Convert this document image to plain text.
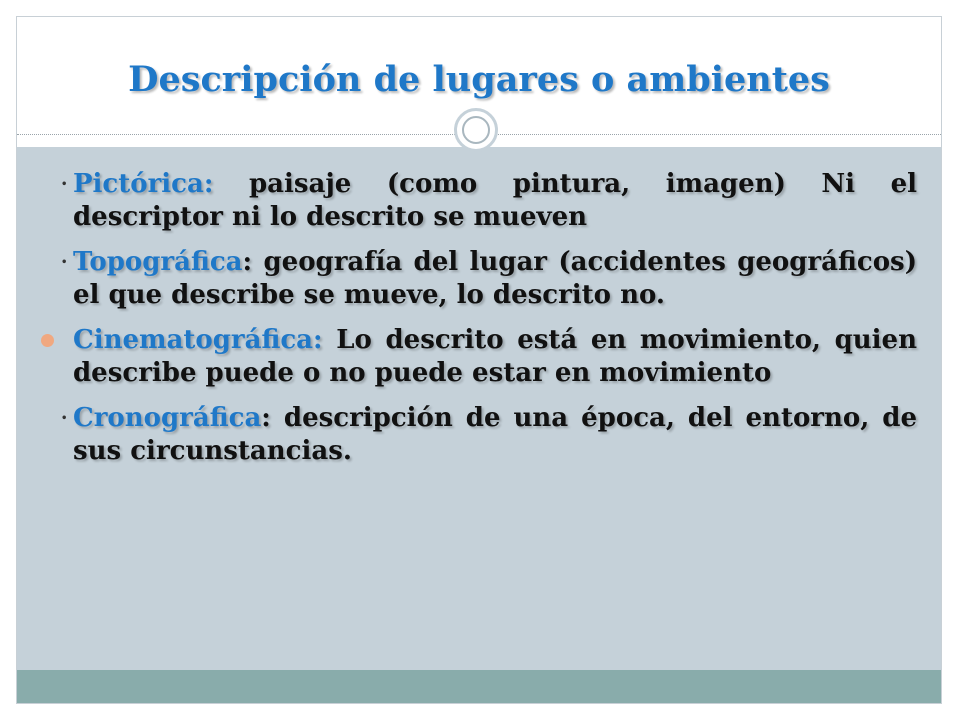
Descripción de lugares o ambientes
• Pictórica: paisaje (como pintura, imagen) Ni el descriptor ni lo descrito se mueven
• Topográfica: geografía del lugar (accidentes geográficos) el que describe se mueve, lo descrito no.
Cinematográfica: Lo descrito está en movimiento, quien describe puede o no puede estar en movimiento
• Cronográfica: descripción de una época, del entorno, de sus circunstancias.
